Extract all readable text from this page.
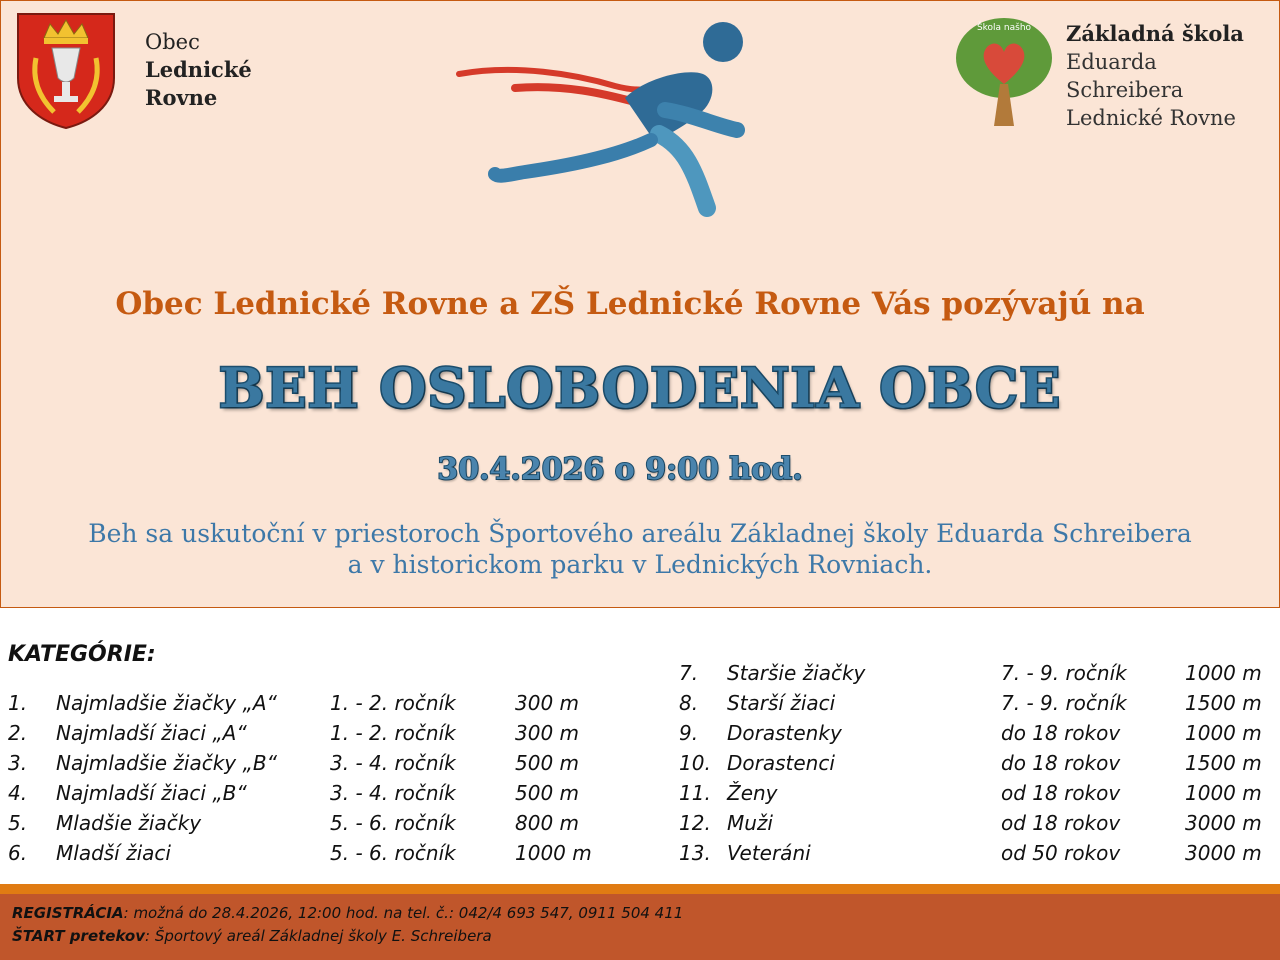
Obec
Lednické
Rovne
Škola našho Základná škola
Eduarda
Schreibera
Lednické Rovne
Obec Lednické Rovne a ZŠ Lednické Rovne Vás pozývajú na
BEH OSLOBODENIA OBCE
30.4.2026 o 9:00 hod.
Beh sa uskutoční v priestoroch Športového areálu Základnej školy Eduarda Schreibera
a v historickom parku v Lednických Rovniach.
KATEGÓRIE:
1. Najmladšie žiačky „A“	1. - 2. ročník	300 m
2. Najmladší žiaci „A“	1. - 2. ročník	300 m
3. Najmladšie žiačky „B“	3. - 4. ročník	500 m
4. Najmladší žiaci „B“	3. - 4. ročník	500 m
5. Mladšie žiačky	5. - 6. ročník	800 m
6. Mladší žiaci	5. - 6. ročník	1000 m
7. Staršie žiačky	7. - 9. ročník	1000 m
8. Starší žiaci	7. - 9. ročník	1500 m
9. Dorastenky	do 18 rokov	1000 m
10. Dorastenci	do 18 rokov	1500 m
11. Ženy	od 18 rokov	1000 m
12. Muži	od 18 rokov	3000 m
13. Veteráni	od 50 rokov	3000 m
REGISTRÁCIA: možná do 28.4.2026, 12:00 hod. na tel. č.: 042/4 693 547, 0911 504 411
ŠTART pretekov: Športový areál Základnej školy E. Schreibera
